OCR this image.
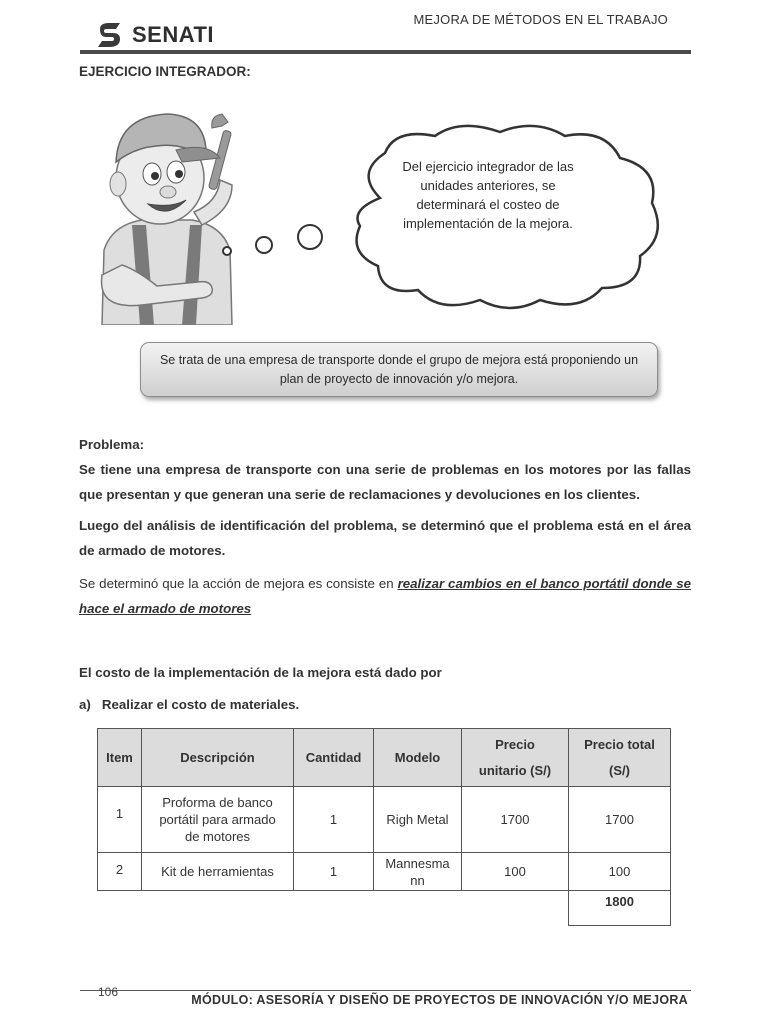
SENATI
MEJORA DE MÉTODOS EN EL TRABAJO
EJERCICIO INTEGRADOR:
Del ejercicio integrador de las unidades anteriores, se determinará el costeo de implementación de la mejora.
Se trata de una empresa de transporte donde el grupo de mejora está proponiendo un plan de proyecto de innovación y/o mejora.
Problema:
Se tiene una empresa de transporte con una serie de problemas en los motores por las fallas que presentan y que generan una serie de reclamaciones y devoluciones en los clientes.
Luego del análisis de identificación del problema, se determinó que el problema está en el área de armado de motores.
Se determinó que la acción de mejora es consiste en realizar cambios en el banco portátil donde se hace el armado de motores
El costo de la implementación de la mejora está dado por
a)   Realizar el costo de materiales.
Item	Descripción	Cantidad	Modelo	Precio unitario (S/)	Precio total (S/)
1	Proforma de banco portátil para armado de motores	1	Righ Metal	1700	1700
2	Kit de herramientas	1	Mannesma nn	100	100
					1800
106
MÓDULO: ASESORÍA Y DISEÑO DE PROYECTOS DE INNOVACIÓN Y/O MEJORA
